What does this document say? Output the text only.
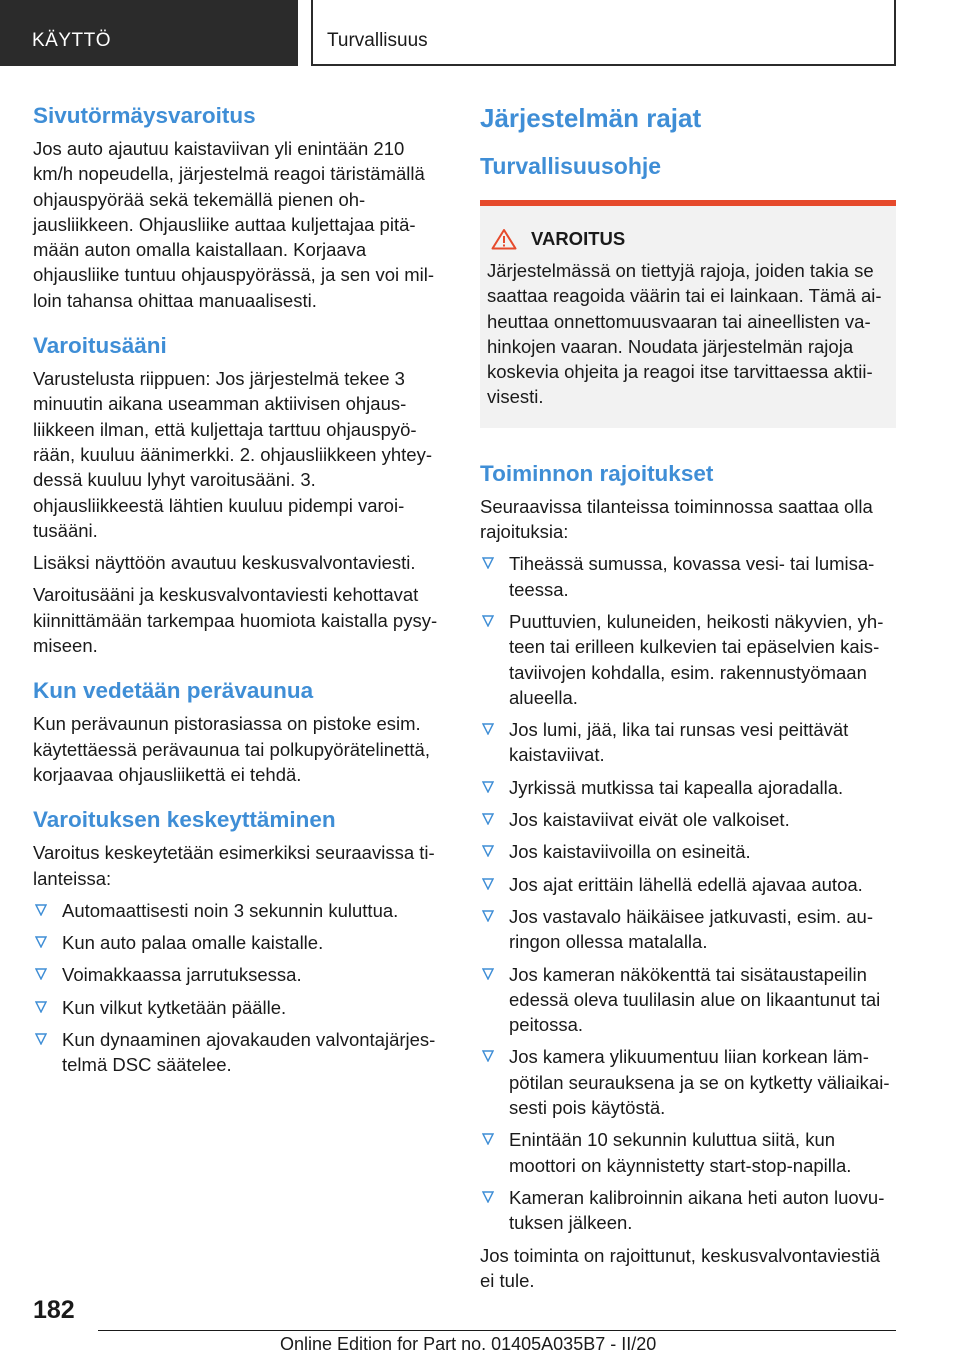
KÄYTTÖ	Turvallisuus
Sivutörmäysvaroitus

Jos auto ajautuu kaistaviivan yli enintään 210 km/h nopeudella, järjestelmä reagoi täristämällä ohjauspyörää sekä tekemällä pienen ohjausliikkeen. Ohjausliike auttaa kuljettajaa pitämään auton omalla kaistallaan. Korjaava ohjausliike tuntuu ohjauspyörässä, ja sen voi milloin tahansa ohittaa manuaalisesti.

Varoitusääni

Varustelusta riippuen: Jos järjestelmä tekee 3 minuutin aikana useamman aktiivisen ohjausliikkeen ilman, että kuljettaja tarttuu ohjauspyörään, kuuluu äänimerkki. 2. ohjausliikkeen yhteydessä kuuluu lyhyt varoitusääni. 3. ohjausliikkeestä lähtien kuuluu pidempi varoitusääni.

Lisäksi näyttöön avautuu keskusvalvontaviesti.

Varoitusääni ja keskusvalvontaviesti kehottavat kiinnittämään tarkempaa huomiota kaistalla pysymiseen.

Kun vedetään perävaunua

Kun perävaunun pistorasiassa on pistoke esim. käytettäessä perävaunua tai polkupyörätelinettä, korjaavaa ohjausliikettä ei tehdä.

Varoituksen keskeyttäminen

Varoitus keskeytetään esimerkiksi seuraavissa tilanteissa:

Automaattisesti noin 3 sekunnin kuluttua.
Kun auto palaa omalle kaistalle.
Voimakkaassa jarrutuksessa.
Kun vilkut kytketään päälle.
Kun dynaaminen ajovakauden valvontajärjestelmä DSC säätelee.
Järjestelmän rajat
Turvallisuusohje
VAROITUS

Järjestelmässä on tiettyjä rajoja, joiden takia se saattaa reagoida väärin tai ei lainkaan. Tämä aiheuttaa onnettomuusvaaran tai aineellisten vahinkojen vaaran. Noudata järjestelmän rajoja koskevia ohjeita ja reagoi itse tarvittaessa aktiivisesti.

Toiminnon rajoitukset

Seuraavissa tilanteissa toiminnossa saattaa olla rajoituksia:

Tiheässä sumussa, kovassa vesi- tai lumisateessa.
Puuttuvien, kuluneiden, heikosti näkyvien, yhteen tai erilleen kulkevien tai epäselvien kaistaviivojen kohdalla, esim. rakennustyömaan alueella.
Jos lumi, jää, lika tai runsas vesi peittävät kaistaviivat.
Jyrkissä mutkissa tai kapealla ajoradalla.
Jos kaistaviivat eivät ole valkoiset.
Jos kaistaviivoilla on esineitä.
Jos ajat erittäin lähellä edellä ajavaa autoa.
Jos vastavalo häikäisee jatkuvasti, esim. auringon ollessa matalalla.
Jos kameran näkökenttä tai sisätaustapeilin edessä oleva tuulilasin alue on likaantunut tai peitossa.
Jos kamera ylikuumentuu liian korkean lämpötilan seurauksena ja se on kytketty väliaikaisesti pois käytöstä.
Enintään 10 sekunnin kuluttua siitä, kun moottori on käynnistetty start-stop-napilla.
Kameran kalibroinnin aikana heti auton luovutuksen jälkeen.

Jos toiminta on rajoittunut, keskusvalvontaviestiä ei tule.

182
Online Edition for Part no. 01405A035B7 - II/20
